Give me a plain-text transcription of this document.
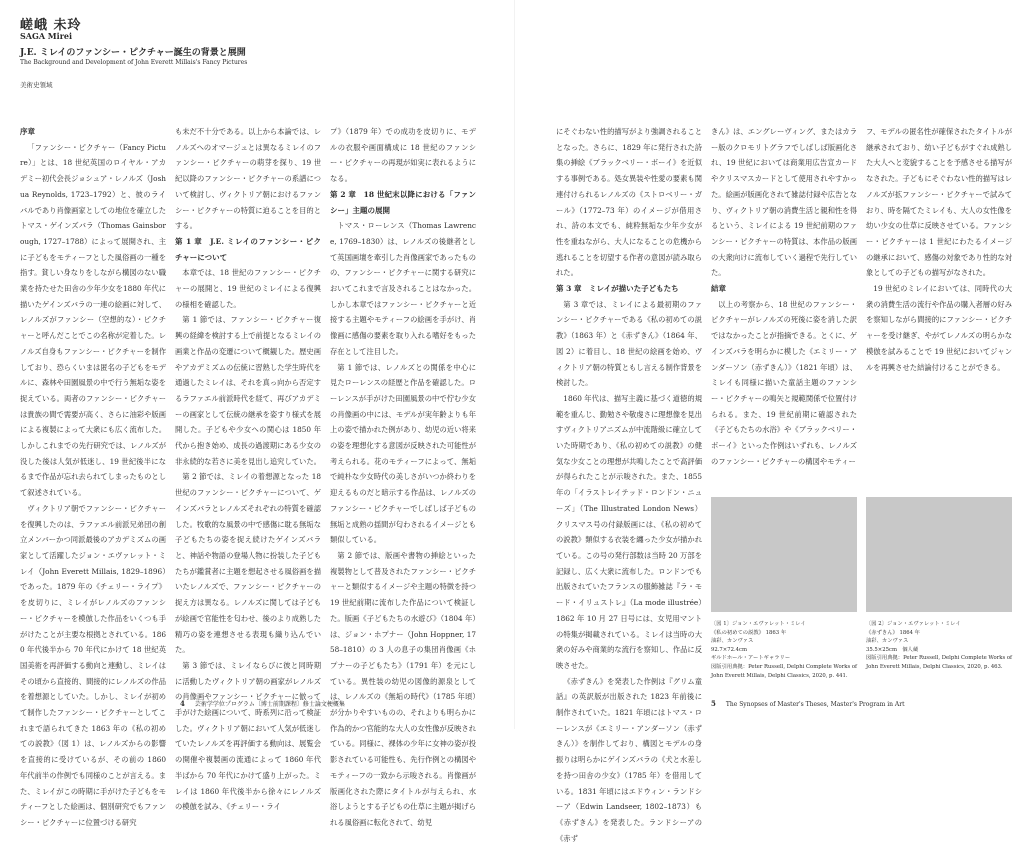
嵯峨 未玲
SAGA Mirei
J.E. ミレイのファンシー・ピクチャー誕生の背景と展開
The Background and Development of John Everett Millais's Fancy Pictures
美術史領域
序章

「ファンシー・ピクチャー（Fancy Picture）」とは、18 世紀英国のロイヤル・アカデミー初代会長ジョシュア・レノルズ（Joshua Reynolds, 1723–1792）と、彼のライバルであり肖像画家としての地位を確立したトマス・ゲインズバラ（Thomas Gainsborough, 1727–1788）によって展開され、主に子どもをモティーフとした風俗画の一種を指す。貧しい身なりをしながら構図のない職業を持たせた田舎の少年少女を1880 年代に描いたゲインズバラの一連の絵画に対して、レノルズがファンシー（空想的な）・ピクチャーと呼んだことでこの名称が定着した。レノルズ自身もファンシー・ピクチャーを制作しており、恐らくいまは匿名の子どもをモデルに、森林や田園風景の中で行う無垢な姿を捉えている。両者のファンシー・ピクチャーは貴族の間で需要が高く、さらに油彩や版画による複製によって大衆にも広く流布した。しかしこれまでの先行研究では、レノルズが没した後は人気が低迷し、19 世紀後半になるまで作品が忘れ去られてしまったものとして叙述されている。

ヴィクトリア朝でファンシー・ピクチャーを復興したのは、ラファエル前派兄弟団の創立メンバーかつ同派最後のアカデミズムの画家として活躍したジョン・エヴァレット・ミレイ（John Everett Millais, 1829–1896）であった。1879 年の《チェリー・ライプ》を皮切りに、ミレイがレノルズのファンシー・ピクチャーを模倣した作品をいくつも手がけたことが主要な根拠とされている。1860 年代後半から 70 年代にかけて 18 世紀英国美術を再評価する動向と連動し、ミレイはその頃から直接的、間接的にレノルズの作品を着想源としていた。しかし、ミレイが初めて制作したファンシー・ピクチャーとしてこれまで語られてきた 1863 年の《私の初めての説教》（図 1）は、レノルズからの影響を直接的に受けているが、その前の 1860 年代前半の作例でも同様のことが言える。また、ミレイがこの時期に手がけた子どもをモティーフとした絵画は、個別研究でもファンシー・ピクチャーに位置づける研究

も未だ不十分である。以上から本論では、レノルズへのオマージュとは異なるミレイのファンシー・ピクチャーの萌芽を探り、19 世紀以降のファンシー・ピクチャーの系譜について検討し、ヴィクトリア朝におけるファンシー・ピクチャーの特質に迫ることを目的とする。

第 1 章　J.E. ミレイのファンシー・ピクチャーについて

本章では、18 世紀のファンシー・ピクチャーの展開と、19 世紀のミレイによる復興の様相を確認した。

第 1 節では、ファンシー・ピクチャー復興の経緯を検討する上で前提となるミレイの画業と作品の変遷について概観した。歴史画やアカデミズムの伝統に習熟した学生時代を通過したミレイは、それを真っ向から否定するラファエル前派時代を経て、再びアカデミーの画家として伝統の継承を姿すり様式を展開した。子どもや少女への関心は 1850 年代から抱き始め、成長の過渡期にある少女の非永続的な若さに美を見出し追究していた。

第 2 節では、ミレイの着想源となった 18 世紀のファンシー・ピクチャーについて、ゲインズバラとレノルズそれぞれの特質を確認した。牧歌的な風景の中で感傷に耽る無垢な子どもたちの姿を捉え続けたゲインズバラと、神話や物語の登場人物に扮装した子どもたちが鑑賞者に主題を想起させる風俗画を描いたレノルズで、ファンシー・ピクチャーの捉え方は異なる。レノルズに関しては子どもが絵画で官能性を匂わせ、後のより成熟した精巧の姿を連想させる表現も織り込んでいた。

第 3 節では、ミレイならびに彼と同時期に活動したヴィクトリア朝の画家がレノルズの肖像画やファンシー・ピクチャーに倣って手がけた絵画について、時系列に沿って検証した。ヴィクトリア朝において人気が低迷していたレノルズを再評価する動向は、展覧会の開催や複製画の流通によって 1860 年代半ばから 70 年代にかけて盛り上がった。ミレイは 1860 年代後半から徐々にレノルズの模倣を試み、《チェリー・ライ

プ》（1879 年）での成功を皮切りに、モデルの衣服や画面構成に 18 世紀のファンシー・ピクチャーの再現が如実に表れるようになる。

第 2 章　18 世紀末以降における「ファンシー」主題の展開

トマス・ローレンス（Thomas Lawrence, 1769–1830）は、レノルズの後継者として英国画壇を牽引した肖像画家であったものの、ファンシー・ピクチャーに関する研究においてこれまで言及されることはなかった。しかし本章ではファンシー・ピクチャーと近接する主題やモティーフの絵画を手がけ、肖像画に感傷の要素を取り入れる嗜好をもった存在として注目した。

第 1 節では、レノルズとの関係を中心に見たローレンスの経歴と作品を確認した。ローレンスが手がけた田園風景の中で佇む少女の肖像画の中には、モデルが実年齢よりも年上の姿で描かれた例があり、幼児の近い将来の姿を理想化する意図が反映された可能性が考えられる。花のモティーフによって、無垢で純朴な少女時代の美しさがいつか終わりを迎えるものだと暗示する作品は、レノルズのファンシー・ピクチャーでしばしば子どもの無垢と成熟の揺間が匂わされるイメージとも類似している。

第 2 節では、版画や書物の挿絵といった複製物として普及されたファンシー・ピクチャーと類似するイメージや主題の特徴を持つ 19 世紀前期に流布した作品について検証した。版画《子どもたちの水遊び》（1804 年）は、ジョン・ホプナー（John Hoppner, 1758–1810）の 3 人の息子の集団肖像画《ホプナーの子どもたち》（1791 年）を元にしている。異性装の幼児の図像的源泉としては、レノルズの《無垢の時代》（1785 年頃）が分かりやすいものの、それよりも明らかに作為的かつ官能的な大人の女性像が反映されている。同様に、裸体の少年に女神の姿が投影されている可能性も、先行作例との構図やモティーフの一致から示唆される。肖像画が版画化された際にタイトルが与えられ、水浴しようとする子どもの仕草に主題が掲げられる風俗画に転化されて、幼児

にそぐわない性的描写がより強調されることとなった。さらに、1829 年に発行された詩集の挿絵《ブラックベリー・ボーイ》を近似する事例である。処女異装や性愛の要素も関連付けられるレノルズの《ストロベリー・ガール》（1772–73 年）のイメージが借用され、詩の本文でも、純粋無垢な少年少女が性を重ねながら、大人になることの危機から逃れることを切望する作者の意図が読み取られた。

第 3 章　ミレイが描いた子どもたち

第 3 章では、ミレイによる最初期のファンシー・ピクチャーである《私の初めての説教》（1863 年）と《赤ずきん》（1864 年、図 2）に着目し、18 世紀の絵画を始め、ヴィクトリア朝の特質ともし言える制作背景を検討した。

1860 年代は、描写主義に基づく道徳的規範を重んじ、勤勉さや敬虔さに理想像を見出すヴィクトリアニズムが中流階級に確立していた時期であり、《私の初めての説教》の健気な少女ことの理想が共鳴したことで高評価が得られたことが示唆された。また、1855 年の「イラストレイテッド・ロンドン・ニューズ」（The Illustrated London News）クリスマス号の付録版画には、《私の初めての説教》類似する衣装を纏った少女が描かれている。この号の発行部数は当時 20 万部を記録し、広く大衆に流布した。ロンドンでも出版されていたフランスの服飾雑誌『ラ・モード・イリュストレ』（La mode illustrée）1862 年 10 月 27 日号には、女児用マントの特集が掲載されている。ミレイは当時の大衆の好みや商業的な流行を察知し、作品に反映させた。

《赤ずきん》を発表した作例は『グリム童話』の英訳版が出版された 1823 年前後に制作されていた。1821 年頃にはトマス・ローレンスが《エミリー・アンダーソン（赤ずきん）》を制作しており、構図とモデルの身振りは明らかにゲインズバラの《犬と水差しを持つ田舎の少女》（1785 年）を借用している。1831 年頃にはエドウィン・ランドシーア（Edwin Landseer, 1802–1873）も《赤ずきん》を発表した。ランドシーアの《赤ず

きん》は、エングレーヴィング、またはカラー版のクロモリトグラフでしばしば版画化され、19 世紀においては商業用広告宣カードやクリスマスカードとして使用されやすかった。絵画が版画化されて雑誌付録や広告となり、ヴィクトリア朝の消費生活と親和性を得るという、ミレイによる 19 世紀前期のファンシー・ピクチャーの特質は、本作品の版画の大衆向けに流布していく過程で先行していた。

結章

以上の考察から、18 世紀のファンシー・ピクチャーがレノルズの死後に姿を消した訳ではなかったことが指摘できる。とくに、ゲインズバラを明らかに模した《エミリー・アンダーソン（赤ずきん）》（1821 年頃）は、ミレイも同様に描いた童話主題のファンシー・ピクチャーの鳴矢と規範関係で位置付けられる。また、19 世紀前期に確認された《子どもたちの水浴》や《ブラックベリー・ボーイ》といった作例はいずれも、レノルズのファンシー・ピクチャーの構図やモティー

フ、モデルの匿名性が確保されたタイトルが継承されており、幼い子どもがすぐれ成熟した大人へと変貌することを予感させる描写がなされた。子どもにそぐわない性的描写はレノルズが拡ファンシー・ピクチャーで試みており、時を隔てたミレイも、大人の女性像を幼い少女の仕草に反映させている。ファンシー・ピクチャーは 1 世紀にわたるイメージの継承において、感傷の対象であり性的な対象としての子どもの描写がなされた。

19 世紀のミレイにおいては、同時代の大衆の消費生活の流行や作品の購入者層の好みを察知しながら間接的にファンシー・ピクチャーを受け継ぎ、やがてレノルズの明らかな模倣を試みることで 19 世紀においてジャンルを再興させた結論付けることができる。

〔図 1〕ジョン・エヴァレット・ミレイ
《私の初めての説教》 1863 年
油彩、カンヴァス
92.7×72.4cm
ギルドホール・アートギャラリー
図版引用典拠：Peter Russell, Delphi Complete Works of John Everett Millais, Delphi Classics, 2020, p. 441.
〔図 2〕ジョン・エヴァレット・ミレイ
《赤ずきん》 1864 年
油彩、カンヴァス
35.5×25cm　個人蔵
図版引用典拠：Peter Russell, Delphi Complete Works of John Everett Millais, Delphi Classics, 2020, p. 463.
4 芸術学学位プログラム〔博士前期課程〕修士論文梗概集	5 The Synopses of Master's Theses, Master's Program in Art
